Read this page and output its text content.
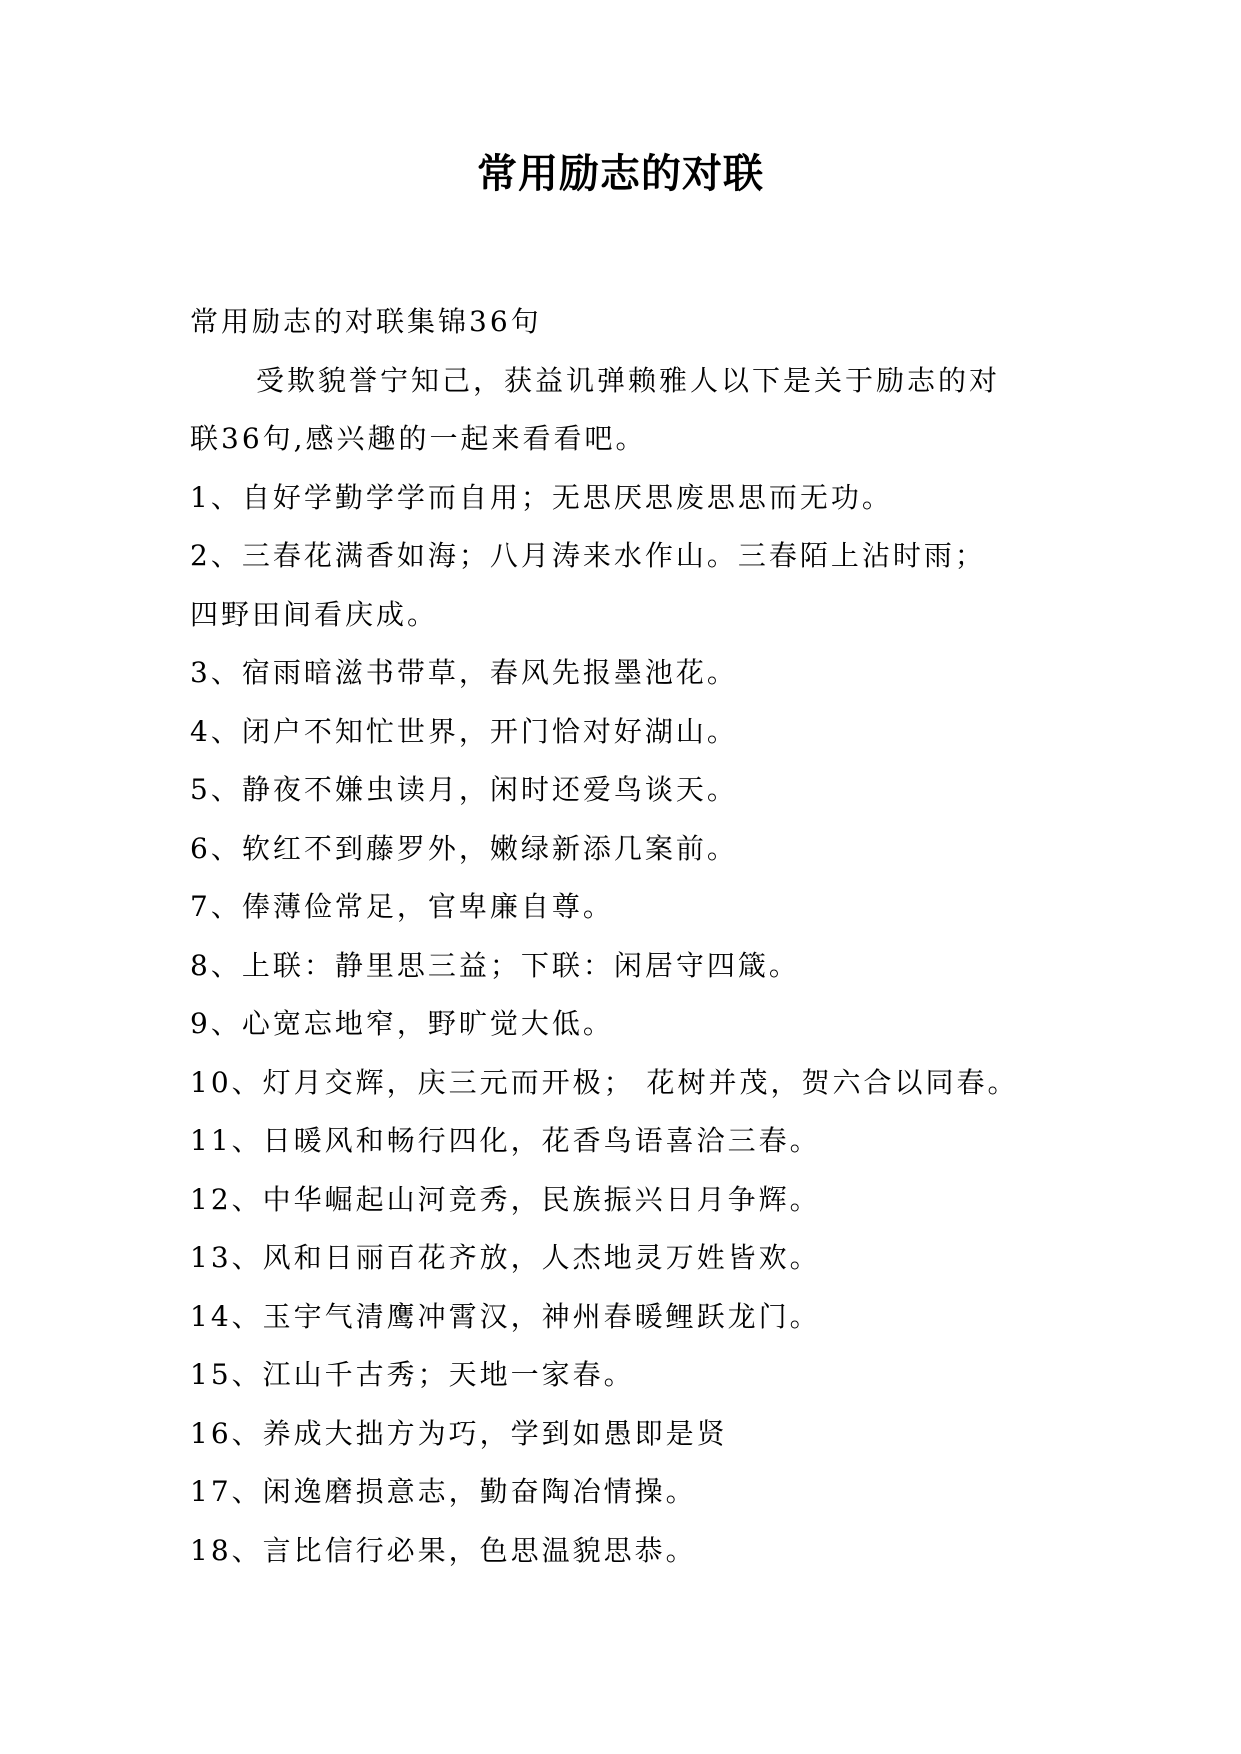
常用励志的对联

常用励志的对联集锦36句

受欺貌誉宁知己，获益讥弹赖雅人以下是关于励志的对

联36句,感兴趣的一起来看看吧。

1、自好学勤学学而自用；无思厌思废思思而无功。

2、三春花满香如海；八月涛来水作山。三春陌上沾时雨；

四野田间看庆成。

3、宿雨暗滋书带草，春风先报墨池花。

4、闭户不知忙世界，开门恰对好湖山。

5、静夜不嫌虫读月，闲时还爱鸟谈天。

6、软红不到藤罗外，嫩绿新添几案前。

7、俸薄俭常足，官卑廉自尊。

8、上联：静里思三益；下联：闲居守四箴。

9、心宽忘地窄，野旷觉大低。

10、灯月交辉，庆三元而开极； 花树并茂，贺六合以同春。

11、日暖风和畅行四化，花香鸟语喜洽三春。

12、中华崛起山河竞秀，民族振兴日月争辉。

13、风和日丽百花齐放，人杰地灵万姓皆欢。

14、玉宇气清鹰冲霄汉，神州春暖鲤跃龙门。

15、江山千古秀；天地一家春。

16、养成大拙方为巧，学到如愚即是贤

17、闲逸磨损意志，勤奋陶冶情操。

18、言比信行必果，色思温貌思恭。
